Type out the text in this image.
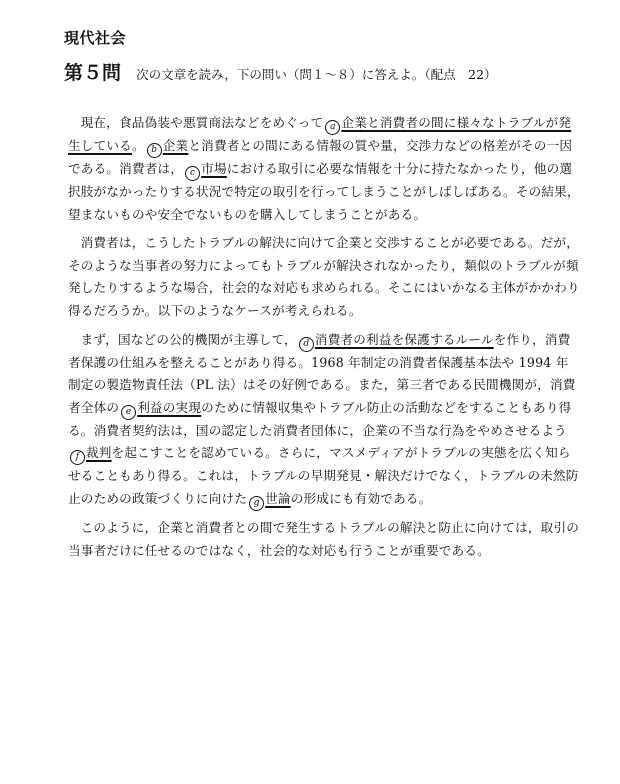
現代社会
第５問 次の文章を読み，下の問い（問１～８）に答えよ。（配点　22）

現在，食品偽装や悪質商法などをめぐって a 企業と消費者の間に様々なトラブルが発生している。 b 企業と消費者との間にある情報の質や量，交渉力などの格差がその一因である。消費者は， c 市場における取引に必要な情報を十分に持たなかったり，他の選択肢がなかったりする状況で特定の取引を行ってしまうことがしばしばある。その結果，望まないものや安全でないものを購入してしまうことがある。

消費者は，こうしたトラブルの解決に向けて企業と交渉することが必要である。だが，そのような当事者の努力によってもトラブルが解決されなかったり，類似のトラブルが頻発したりするような場合，社会的な対応も求められる。そこにはいかなる主体がかかわり得るだろうか。以下のようなケースが考えられる。

まず，国などの公的機関が主導して， d 消費者の利益を保護するルールを作り，消費者保護の仕組みを整えることがあり得る。1968 年制定の消費者保護基本法や 1994 年制定の製造物責任法（PL 法）はその好例である。また，第三者である民間機関が，消費者全体の e 利益の実現のために情報収集やトラブル防止の活動などをすることもあり得る。消費者契約法は，国の認定した消費者団体に，企業の不当な行為をやめさせるようf 裁判を起こすことを認めている。さらに，マスメディアがトラブルの実態を広く知らせることもあり得る。これは，トラブルの早期発見・解決だけでなく，トラブルの未然防止のための政策づくりに向けた g 世論の形成にも有効である。

このように，企業と消費者との間で発生するトラブルの解決と防止に向けては，取引の当事者だけに任せるのではなく，社会的な対応も行うことが重要である。
